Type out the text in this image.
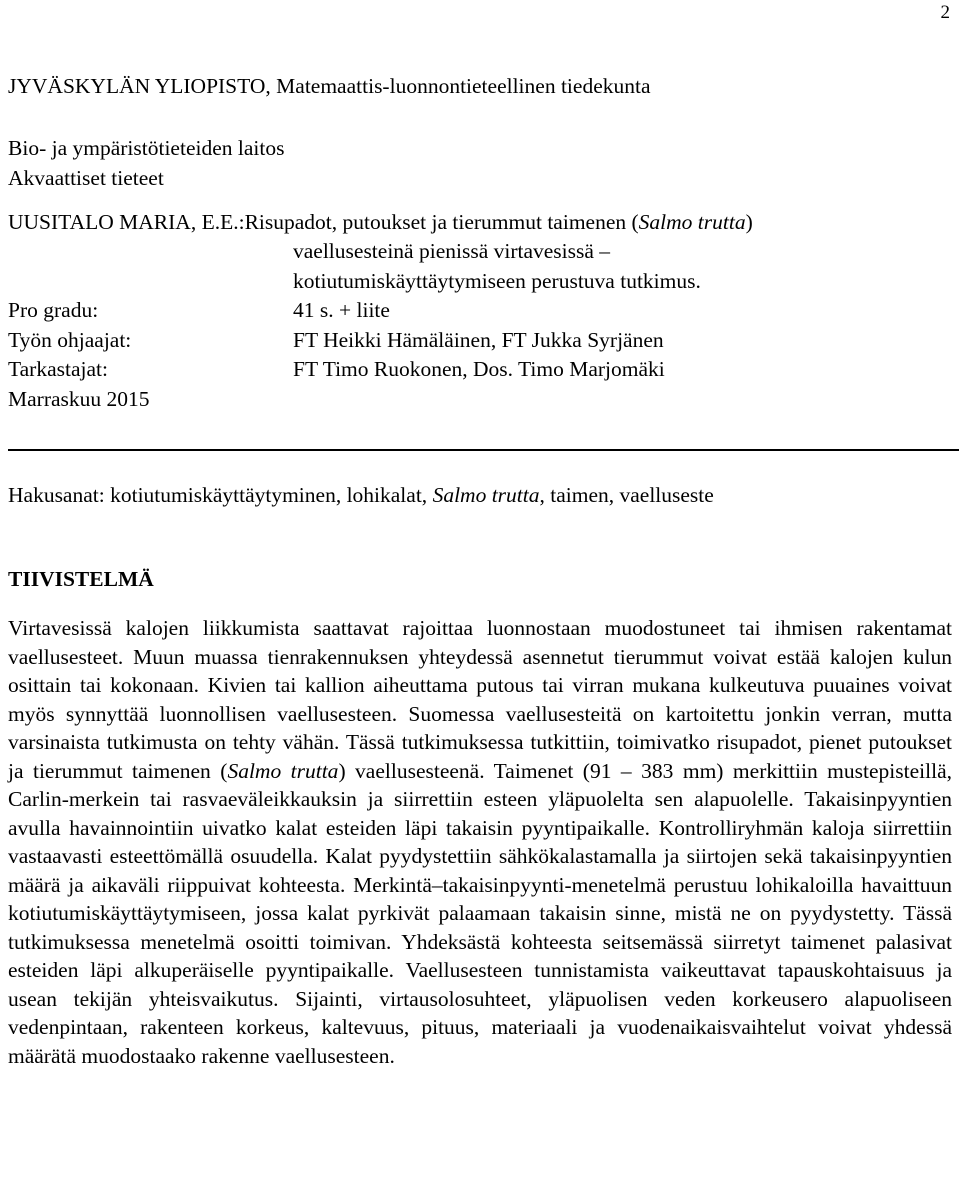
2
JYVÄSKYLÄN YLIOPISTO, Matemaattis-luonnontieteellinen tiedekunta
Bio- ja ympäristötieteiden laitos
Akvaattiset tieteet
UUSITALO MARIA, E.E.:Risupadot, putoukset ja tierummut taimenen (Salmo trutta)
vaellusesteinä pienissä virtavesissä –
kotiutumiskäyttäytymiseen perustuva tutkimus.
Pro gradu:	41 s. + liite
Työn ohjaajat:	FT Heikki Hämäläinen, FT Jukka Syrjänen
Tarkastajat:	FT Timo Ruokonen, Dos. Timo Marjomäki
Marraskuu 2015
Hakusanat: kotiutumiskäyttäytyminen, lohikalat, Salmo trutta, taimen, vaelluseste
TIIVISTELMÄ

Virtavesissä kalojen liikkumista saattavat rajoittaa luonnostaan muodostuneet tai ihmisen rakentamat vaellusesteet. Muun muassa tienrakennuksen yhteydessä asennetut tierummut voivat estää kalojen kulun osittain tai kokonaan. Kivien tai kallion aiheuttama putous tai virran mukana kulkeutuva puuaines voivat myös synnyttää luonnollisen vaellusesteen. Suomessa vaellusesteitä on kartoitettu jonkin verran, mutta varsinaista tutkimusta on tehty vähän. Tässä tutkimuksessa tutkittiin, toimivatko risupadot, pienet putoukset ja tierummut taimenen (Salmo trutta) vaellusesteenä. Taimenet (91 – 383 mm) merkittiin mustepisteillä, Carlin-merkein tai rasvaeväleikkauksin ja siirrettiin esteen yläpuolelta sen alapuolelle. Takaisinpyyntien avulla havainnointiin uivatko kalat esteiden läpi takaisin pyyntipaikalle. Kontrolliryhmän kaloja siirrettiin vastaavasti esteettömällä osuudella. Kalat pyydystettiin sähkökalastamalla ja siirtojen sekä takaisinpyyntien määrä ja aikaväli riippuivat kohteesta. Merkintä–takaisinpyynti-menetelmä perustuu lohikaloilla havaittuun kotiutumiskäyttäytymiseen, jossa kalat pyrkivät palaamaan takaisin sinne, mistä ne on pyydystetty. Tässä tutkimuksessa menetelmä osoitti toimivan. Yhdeksästä kohteesta seitsemässä siirretyt taimenet palasivat esteiden läpi alkuperäiselle pyyntipaikalle. Vaellusesteen tunnistamista vaikeuttavat tapauskohtaisuus ja usean tekijän yhteisvaikutus. Sijainti, virtausolosuhteet, yläpuolisen veden korkeusero alapuoliseen vedenpintaan, rakenteen korkeus, kaltevuus, pituus, materiaali ja vuodenaikaisvaihtelut voivat yhdessä määrätä muodostaako rakenne vaellusesteen.
